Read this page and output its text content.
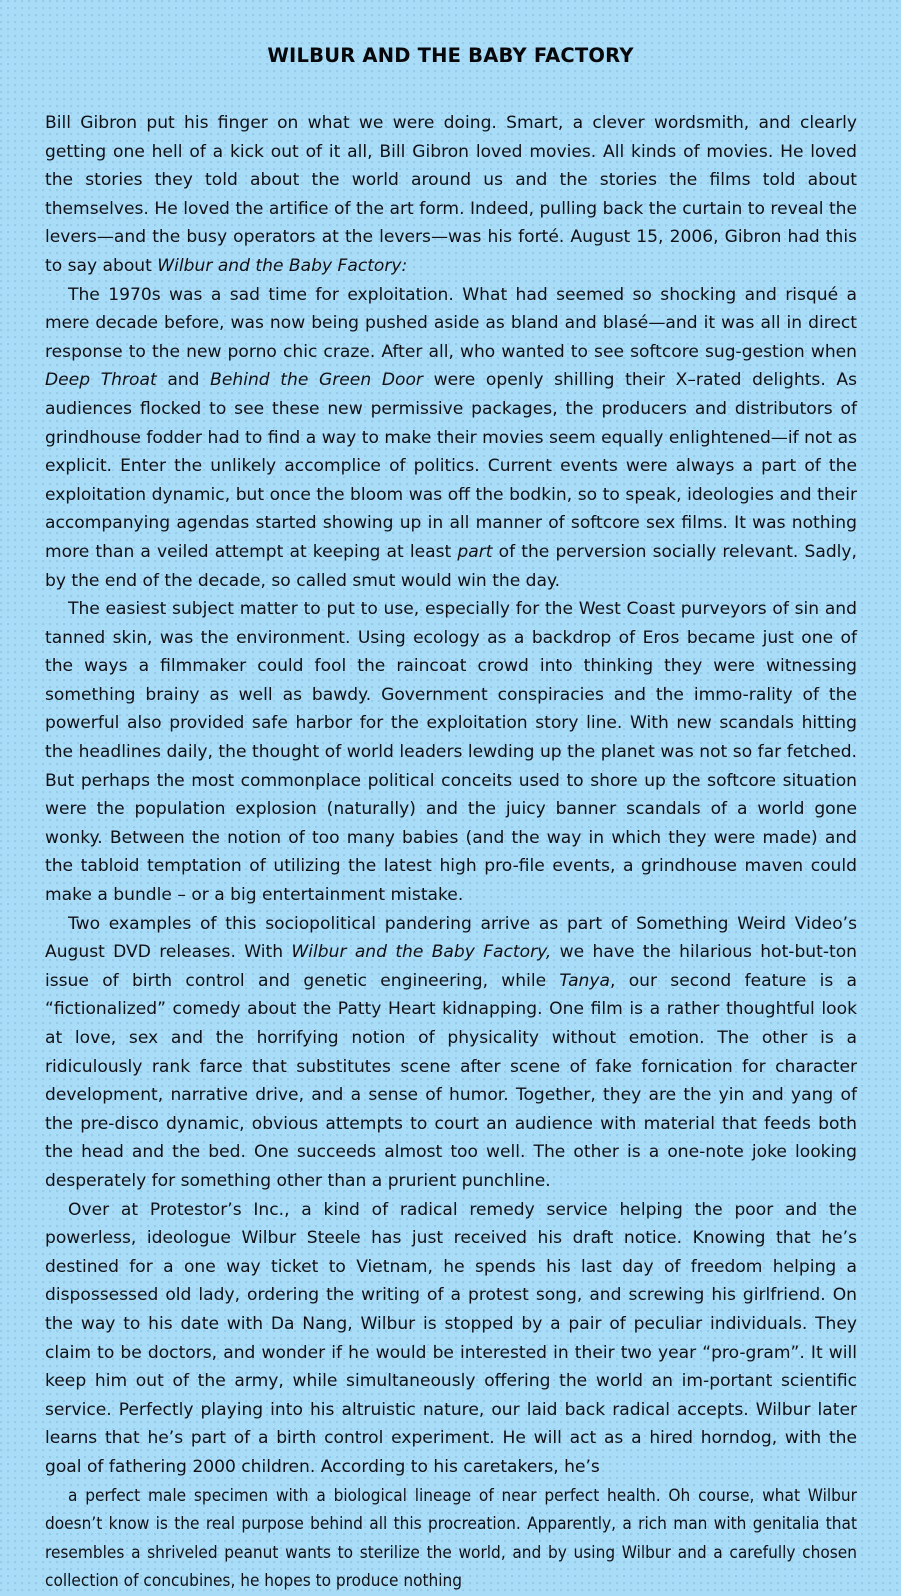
WILBUR AND THE BABY FACTORY

Bill Gibron put his finger on what we were doing. Smart, a clever wordsmith, and clearly getting one hell of a kick out of it all, Bill Gibron loved movies. All kinds of movies. He loved the stories they told about the world around us and the stories the films told about themselves. He loved the artifice of the art form. Indeed, pulling back the curtain to reveal the levers—and the busy operators at the levers—was his forté. August 15, 2006, Gibron had this to say about Wilbur and the Baby Factory:

The 1970s was a sad time for exploitation. What had seemed so shocking and risqué a mere decade before, was now being pushed aside as bland and blasé—and it was all in direct response to the new porno chic craze. After all, who wanted to see softcore sug-gestion when Deep Throat and Behind the Green Door were openly shilling their X–rated delights. As audiences flocked to see these new permissive packages, the producers and distributors of grindhouse fodder had to find a way to make their movies seem equally enlightened—if not as explicit. Enter the unlikely accomplice of politics. Current events were always a part of the exploitation dynamic, but once the bloom was off the bodkin, so to speak, ideologies and their accompanying agendas started showing up in all manner of softcore sex films. It was nothing more than a veiled attempt at keeping at least part of the perversion socially relevant. Sadly, by the end of the decade, so called smut would win the day.

The easiest subject matter to put to use, especially for the West Coast purveyors of sin and tanned skin, was the environment. Using ecology as a backdrop of Eros became just one of the ways a filmmaker could fool the raincoat crowd into thinking they were witnessing something brainy as well as bawdy. Government conspiracies and the immo-rality of the powerful also provided safe harbor for the exploitation story line. With new scandals hitting the headlines daily, the thought of world leaders lewding up the planet was not so far fetched. But perhaps the most commonplace political conceits used to shore up the softcore situation were the population explosion (naturally) and the juicy banner scandals of a world gone wonky. Between the notion of too many babies (and the way in which they were made) and the tabloid temptation of utilizing the latest high pro-file events, a grindhouse maven could make a bundle – or a big entertainment mistake.

Two examples of this sociopolitical pandering arrive as part of Something Weird Video’s August DVD releases. With Wilbur and the Baby Factory, we have the hilarious hot-but-ton issue of birth control and genetic engineering, while Tanya, our second feature is a “fictionalized” comedy about the Patty Heart kidnapping. One film is a rather thoughtful look at love, sex and the horrifying notion of physicality without emotion. The other is a ridiculously rank farce that substitutes scene after scene of fake fornication for character development, narrative drive, and a sense of humor. Together, they are the yin and yang of the pre-disco dynamic, obvious attempts to court an audience with material that feeds both the head and the bed. One succeeds almost too well. The other is a one-note joke looking desperately for something other than a prurient punchline.

Over at Protestor’s Inc., a kind of radical remedy service helping the poor and the powerless, ideologue Wilbur Steele has just received his draft notice. Knowing that he’s destined for a one way ticket to Vietnam, he spends his last day of freedom helping a dispossessed old lady, ordering the writing of a protest song, and screwing his girlfriend. On the way to his date with Da Nang, Wilbur is stopped by a pair of peculiar individuals. They claim to be doctors, and wonder if he would be interested in their two year “pro-gram”. It will keep him out of the army, while simultaneously offering the world an im-portant scientific service. Perfectly playing into his altruistic nature, our laid back radical accepts. Wilbur later learns that he’s part of a birth control experiment. He will act as a hired horndog, with the goal of fathering 2000 children. According to his caretakers, he’s

a perfect male specimen with a biological lineage of near perfect health. Oh course, what Wilbur doesn’t know is the real purpose behind all this procreation. Apparently, a rich man with genitalia that resembles a shriveled peanut wants to sterilize the world, and by using Wilbur and a carefully chosen collection of concubines, he hopes to produce nothing
